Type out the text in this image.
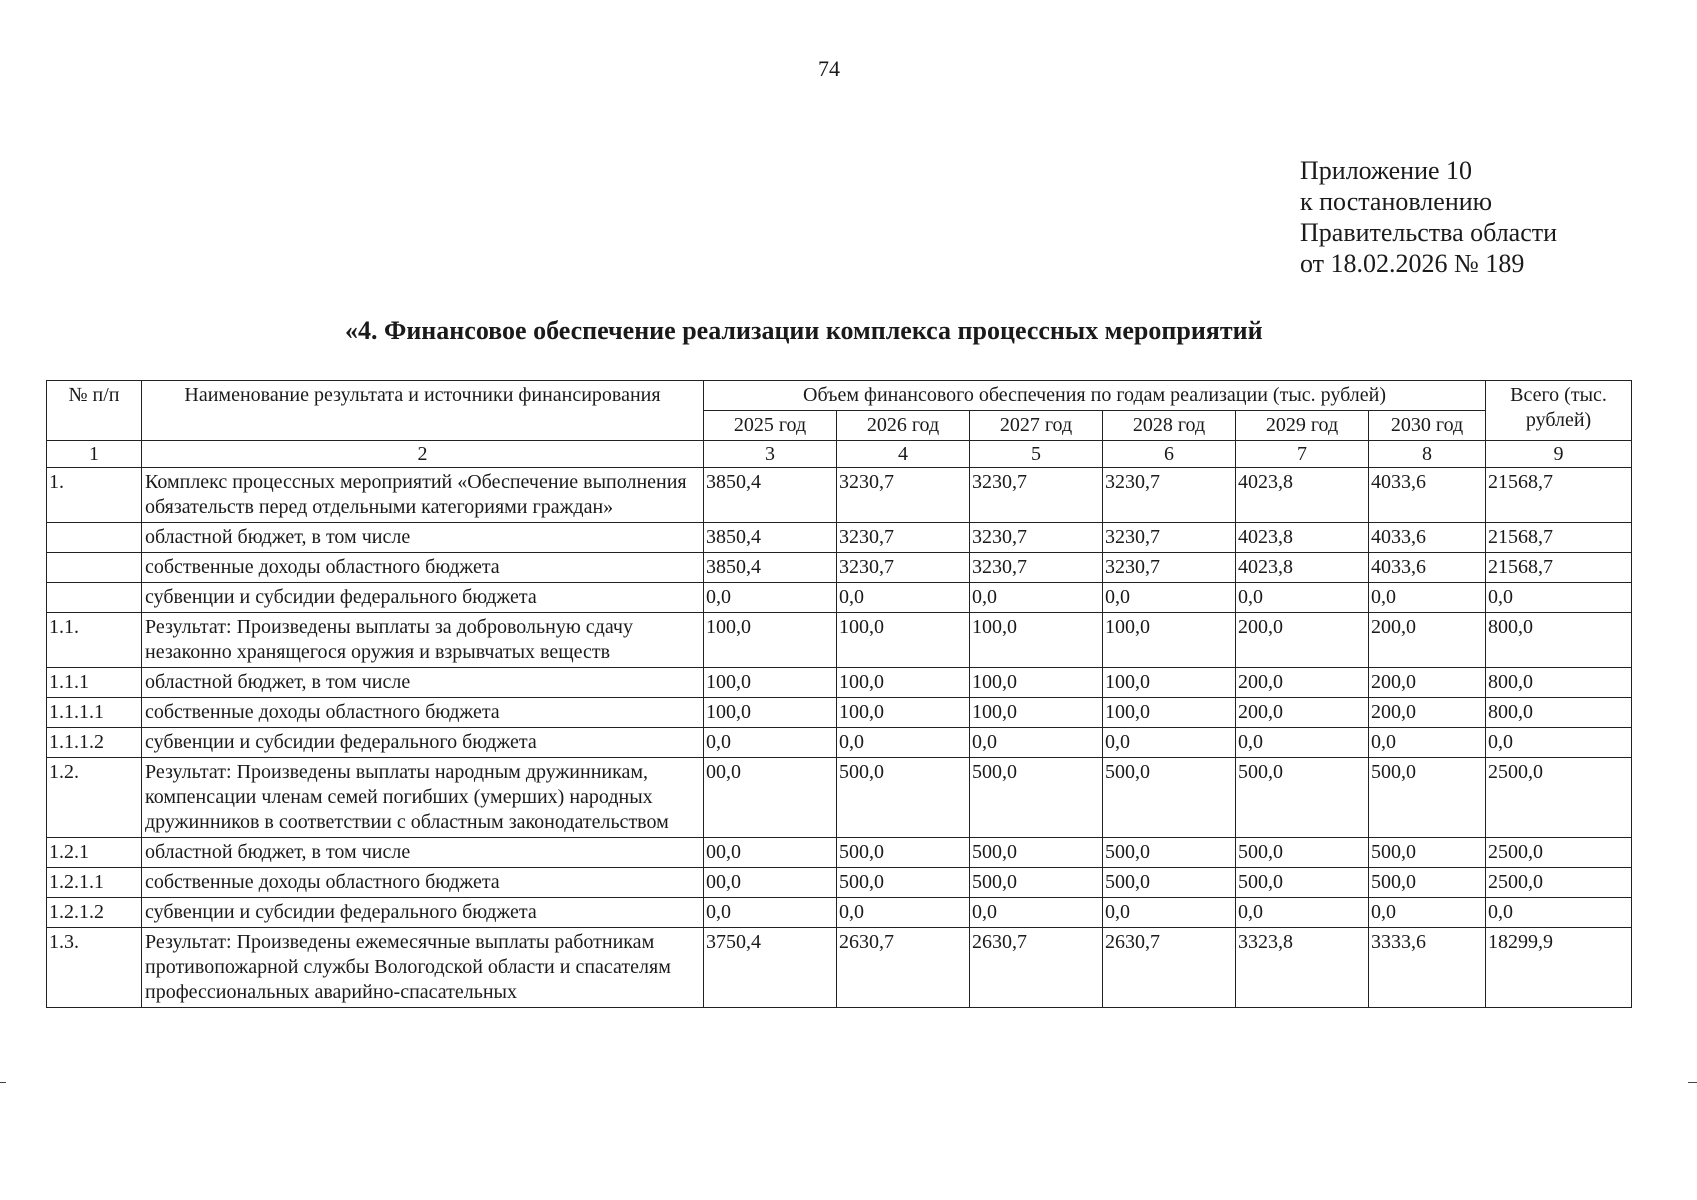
74
Приложение 10
к постановлению
Правительства области
от 18.02.2026 № 189
«4. Финансовое обеспечение реализации комплекса процессных мероприятий
№ п/п	Наименование результата и источники финансирования	Объем финансового обеспечения по годам реализации (тыс. рублей)						Всего (тыс. рублей)
		2025 год	2026 год	2027 год	2028 год	2029 год	2030 год	
1	2	3	4	5	6	7	8	9
1.	Комплекс процессных мероприятий «Обеспечение выполнения обязательств перед отдельными категориями граждан»	3850,4	3230,7	3230,7	3230,7	4023,8	4033,6	21568,7
	областной бюджет, в том числе	3850,4	3230,7	3230,7	3230,7	4023,8	4033,6	21568,7
	собственные доходы областного бюджета	3850,4	3230,7	3230,7	3230,7	4023,8	4033,6	21568,7
	субвенции и субсидии федерального бюджета	0,0	0,0	0,0	0,0	0,0	0,0	0,0
1.1.	Результат: Произведены выплаты за добровольную сдачу незаконно хранящегося оружия и взрывчатых веществ	100,0	100,0	100,0	100,0	200,0	200,0	800,0
1.1.1	областной бюджет, в том числе	100,0	100,0	100,0	100,0	200,0	200,0	800,0
1.1.1.1	собственные доходы областного бюджета	100,0	100,0	100,0	100,0	200,0	200,0	800,0
1.1.1.2	субвенции и субсидии федерального бюджета	0,0	0,0	0,0	0,0	0,0	0,0	0,0
1.2.	Результат: Произведены выплаты народным дружинникам, компенсации членам семей погибших (умерших) народных дружинников в соответствии с областным законодательством	00,0	500,0	500,0	500,0	500,0	500,0	2500,0
1.2.1	областной бюджет, в том числе	00,0	500,0	500,0	500,0	500,0	500,0	2500,0
1.2.1.1	собственные доходы областного бюджета	00,0	500,0	500,0	500,0	500,0	500,0	2500,0
1.2.1.2	субвенции и субсидии федерального бюджета	0,0	0,0	0,0	0,0	0,0	0,0	0,0
1.3.	Результат: Произведены ежемесячные выплаты работникам противопожарной службы Вологодской области и спасателям профессиональных аварийно-спасательных	3750,4	2630,7	2630,7	2630,7	3323,8	3333,6	18299,9
